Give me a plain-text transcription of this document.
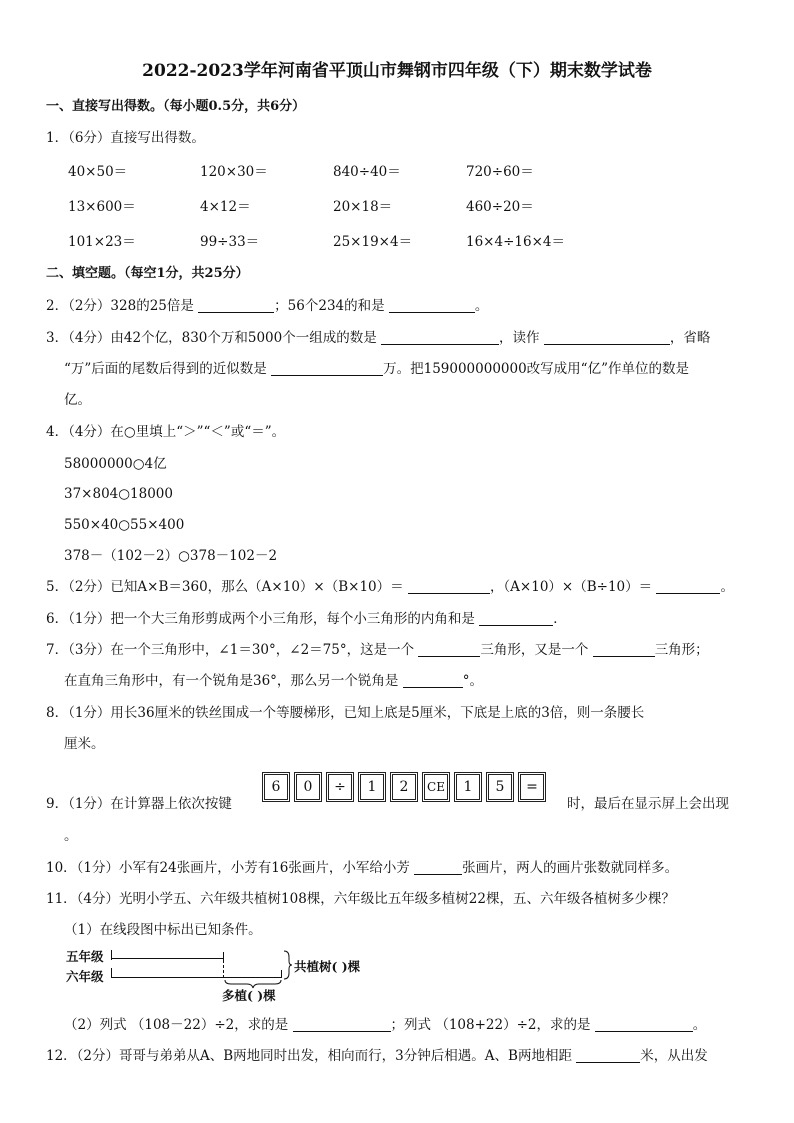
2022-2023学年河南省平顶山市舞钢市四年级（下）期末数学试卷
一、直接写出得数。（每小题0.5分，共6分）
1．（6分）直接写出得数。
40×50＝	120×30＝	840÷40＝	720÷60＝
13×600＝	4×12＝	20×18＝	460÷20＝
101×23＝	99÷33＝	25×19×4＝	16×4÷16×4＝
二、填空题。（每空1分，共25分）
2．（2分）328的25倍是	；56个234的和是	。
3．（4分）由42个亿，830个万和5000个一组成的数是	，读作	，省略
“万”后面的尾数后得到的近似数是	万。把159000000000改写成用“亿”作单位的数是
亿。
4．（4分）在○里填上“＞”“＜”或“＝”。
58000000○4亿
37×804○18000
550×40○55×400
378－（102－2）○378－102－2
5．（2分）已知A×B＝360，那么（A×10）×（B×10）＝	，（A×10）×（B÷10）＝	。
6．（1分）把一个大三角形剪成两个小三角形，每个小三角形的内角和是	．
7．（3分）在一个三角形中，∠1＝30°，∠2＝75°，这是一个	三角形，又是一个	三角形；
在直角三角形中，有一个锐角是36°，那么另一个锐角是	°。
8．（1分）用长36厘米的铁丝围成一个等腰梯形，已知上底是5厘米，下底是上底的3倍，则一条腰长
厘米。
9．（1分）在计算器上依次按键
6	0	÷	1	2	CE	1	5	=
时，最后在显示屏上会出现
。
10．（1分）小军有24张画片，小芳有16张画片，小军给小芳	张画片，两人的画片张数就同样多。
11．（4分）光明小学五、六年级共植树108棵，六年级比五年级多植树22棵，五、六年级各植树多少棵？
（1）在线段图中标出已知条件。
五年级
六年级
共植树( )棵
多植( )棵
（2）列式 （108－22）÷2，求的是	；列式 （108+22）÷2，求的是	。
12．（2分）哥哥与弟弟从A、B两地同时出发，相向而行，3分钟后相遇。A、B两地相距	米，从出发
